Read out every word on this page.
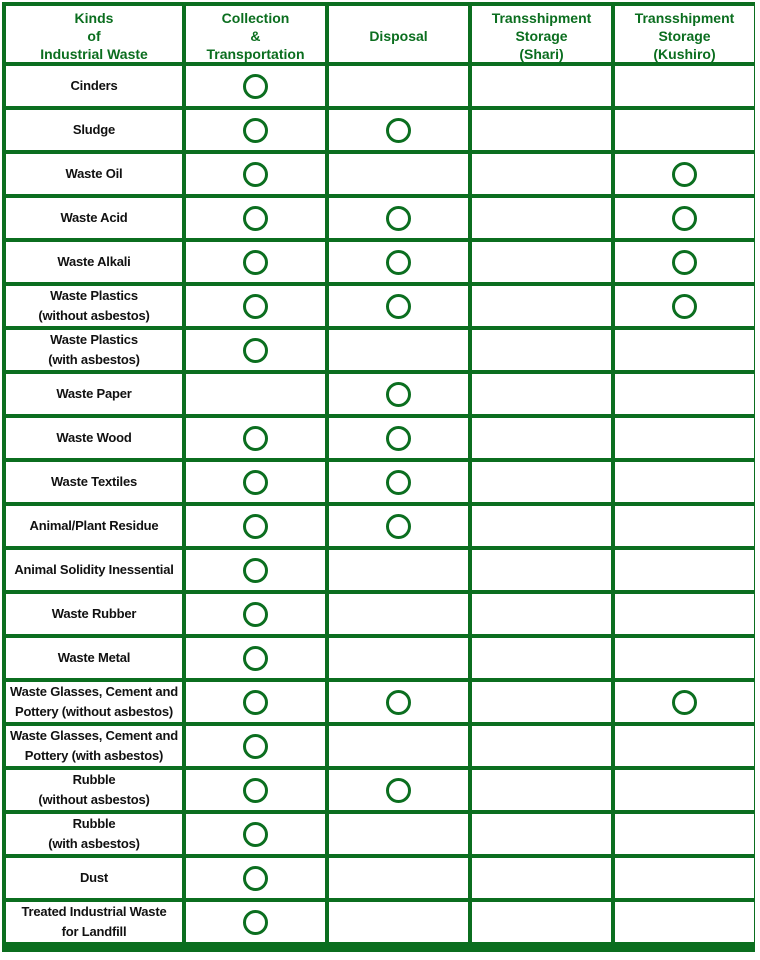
Kinds
of
Industrial Waste
Collection
&
Transportation
Disposal
Transshipment
Storage
(Shari)
Transshipment
Storage
(Kushiro)
Cinders
Sludge
Waste Oil
Waste Acid
Waste Alkali
Waste Plastics
(without asbestos)
Waste Plastics
(with asbestos)
Waste Paper
Waste Wood
Waste Textiles
Animal/Plant Residue
Animal Solidity Inessential
Waste Rubber
Waste Metal
Waste Glasses, Cement and
Pottery (without asbestos)
Waste Glasses, Cement and
Pottery (with asbestos)
Rubble
(without asbestos)
Rubble
(with asbestos)
Dust
Treated Industrial Waste
for Landfill
